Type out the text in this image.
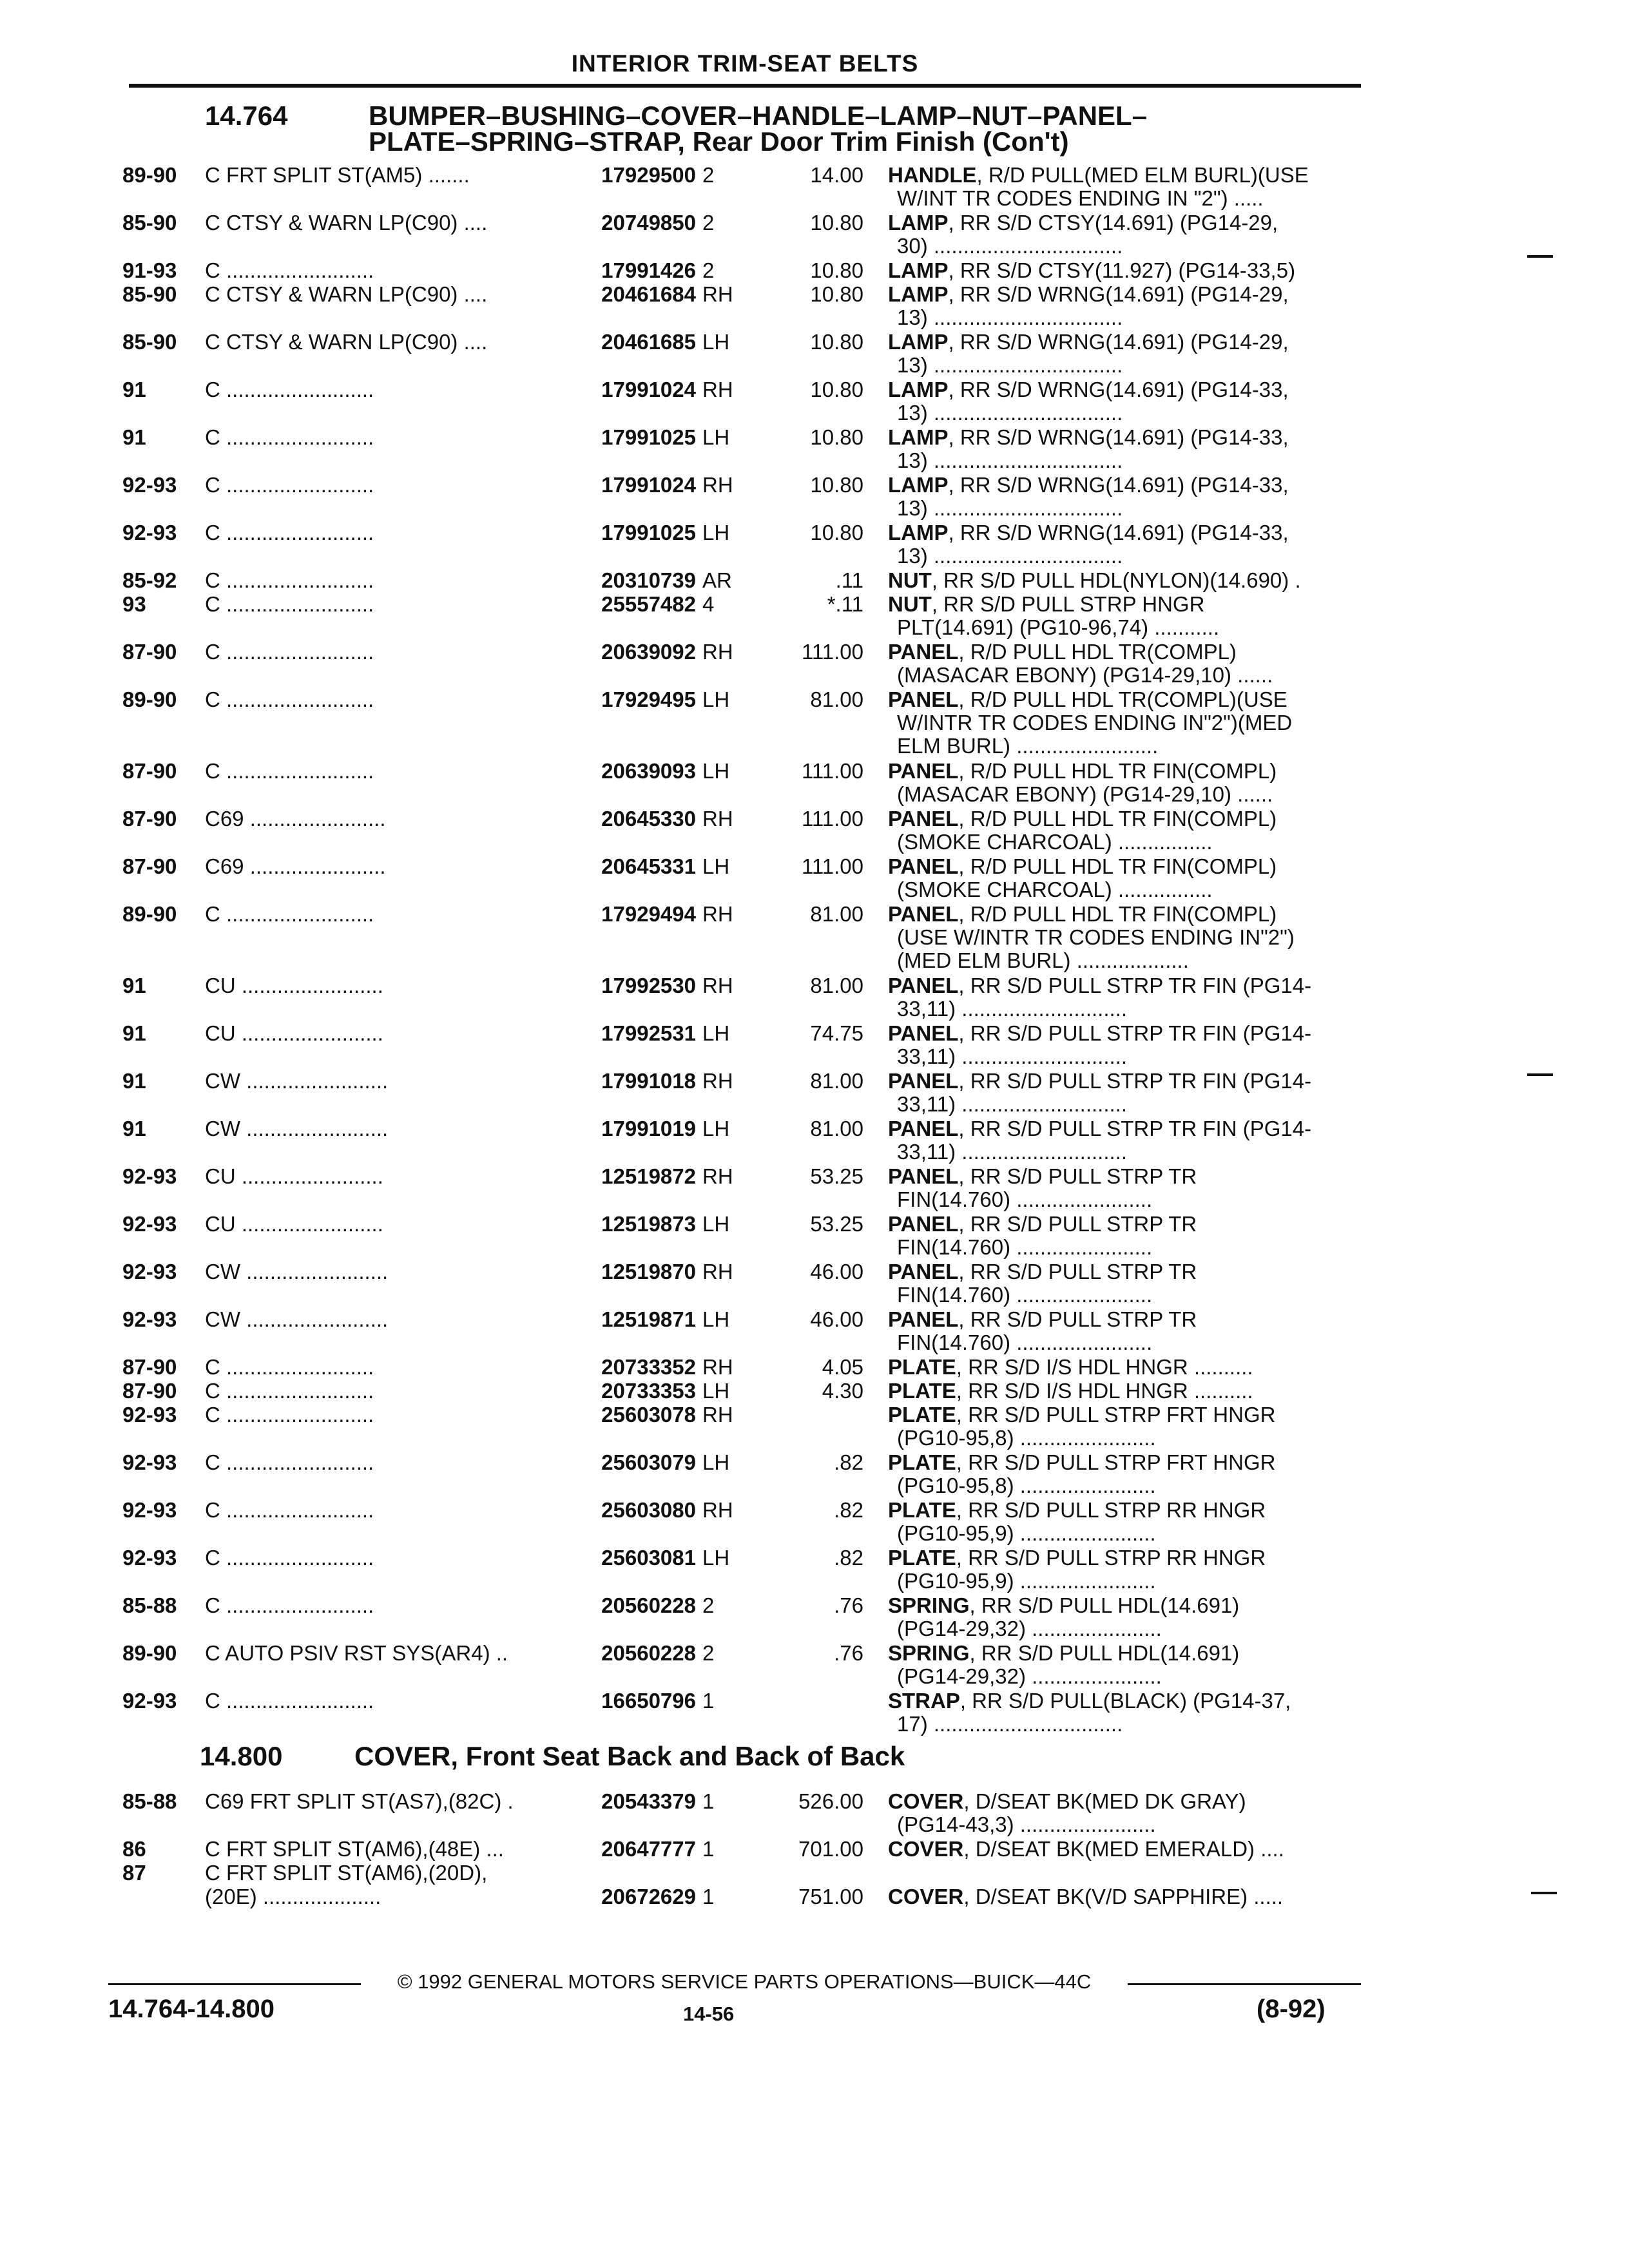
INTERIOR TRIM-SEAT BELTS
14.764	BUMPER–BUSHING–COVER–HANDLE–LAMP–NUT–PANEL–
PLATE–SPRING–STRAP, Rear Door Trim Finish (Con't)
14.800	COVER, Front Seat Back and Back of Back
89-90 C FRT SPLIT ST(AM5) .......	17929500 2	14.00 HANDLE, R/D PULL(MED ELM BURL)(USE
W/INT TR CODES ENDING IN "2") .....
85-90 C CTSY & WARN LP(C90) ....	20749850 2	10.80 LAMP, RR S/D CTSY(14.691) (PG14-29,
30) ................................
91-93 C .........................	17991426 2	10.80 LAMP, RR S/D CTSY(11.927) (PG14-33,5)
85-90 C CTSY & WARN LP(C90) ....	20461684 RH	10.80 LAMP, RR S/D WRNG(14.691) (PG14-29,
13) ................................
85-90 C CTSY & WARN LP(C90) ....	20461685 LH	10.80 LAMP, RR S/D WRNG(14.691) (PG14-29,
13) ................................
91	C .........................	17991024 RH	10.80 LAMP, RR S/D WRNG(14.691) (PG14-33,
13) ................................
91	C .........................	17991025 LH	10.80 LAMP, RR S/D WRNG(14.691) (PG14-33,
13) ................................
92-93 C .........................	17991024 RH	10.80 LAMP, RR S/D WRNG(14.691) (PG14-33,
13) ................................
92-93 C .........................	17991025 LH	10.80 LAMP, RR S/D WRNG(14.691) (PG14-33,
13) ................................
85-92 C .........................	20310739 AR	.11 NUT, RR S/D PULL HDL(NYLON)(14.690) .
93	C .........................	25557482 4	*.11 NUT, RR S/D PULL STRP HNGR
PLT(14.691) (PG10-96,74) ...........
87-90 C .........................	20639092 RH	111.00 PANEL, R/D PULL HDL TR(COMPL)
(MASACAR EBONY) (PG14-29,10) ......
89-90 C .........................	17929495 LH	81.00 PANEL, R/D PULL HDL TR(COMPL)(USE
W/INTR TR CODES ENDING IN"2")(MED
ELM BURL) ........................
87-90 C .........................	20639093 LH	111.00 PANEL, R/D PULL HDL TR FIN(COMPL)
(MASACAR EBONY) (PG14-29,10) ......
87-90 C69 .......................	20645330 RH	111.00 PANEL, R/D PULL HDL TR FIN(COMPL)
(SMOKE CHARCOAL) ................
87-90 C69 .......................	20645331 LH	111.00 PANEL, R/D PULL HDL TR FIN(COMPL)
(SMOKE CHARCOAL) ................
89-90 C .........................	17929494 RH	81.00 PANEL, R/D PULL HDL TR FIN(COMPL)
(USE W/INTR TR CODES ENDING IN"2")
(MED ELM BURL) ...................
91	CU ........................	17992530 RH	81.00 PANEL, RR S/D PULL STRP TR FIN (PG14-
33,11) ............................
91	CU ........................	17992531 LH	74.75 PANEL, RR S/D PULL STRP TR FIN (PG14-
33,11) ............................
91	CW ........................	17991018 RH	81.00 PANEL, RR S/D PULL STRP TR FIN (PG14-
33,11) ............................
91	CW ........................	17991019 LH	81.00 PANEL, RR S/D PULL STRP TR FIN (PG14-
33,11) ............................
92-93 CU ........................	12519872 RH	53.25 PANEL, RR S/D PULL STRP TR
FIN(14.760) .......................
92-93 CU ........................	12519873 LH	53.25 PANEL, RR S/D PULL STRP TR
FIN(14.760) .......................
92-93 CW ........................	12519870 RH	46.00 PANEL, RR S/D PULL STRP TR
FIN(14.760) .......................
92-93 CW ........................	12519871 LH	46.00 PANEL, RR S/D PULL STRP TR
FIN(14.760) .......................
87-90 C .........................	20733352 RH	4.05 PLATE, RR S/D I/S HDL HNGR ..........
87-90 C .........................	20733353 LH	4.30 PLATE, RR S/D I/S HDL HNGR ..........
92-93 C .........................	25603078 RH	PLATE, RR S/D PULL STRP FRT HNGR
(PG10-95,8) .......................
92-93 C .........................	25603079 LH	.82 PLATE, RR S/D PULL STRP FRT HNGR
(PG10-95,8) .......................
92-93 C .........................	25603080 RH	.82 PLATE, RR S/D PULL STRP RR HNGR
(PG10-95,9) .......................
92-93 C .........................	25603081 LH	.82 PLATE, RR S/D PULL STRP RR HNGR
(PG10-95,9) .......................
85-88 C .........................	20560228 2	.76 SPRING, RR S/D PULL HDL(14.691)
(PG14-29,32) ......................
89-90 C AUTO PSIV RST SYS(AR4) ..	20560228 2	.76 SPRING, RR S/D PULL HDL(14.691)
(PG14-29,32) ......................
92-93 C .........................	16650796 1	STRAP, RR S/D PULL(BLACK) (PG14-37,
17) ................................
85-88 C69 FRT SPLIT ST(AS7),(82C) .	20543379 1	526.00 COVER, D/SEAT BK(MED DK GRAY)
(PG14-43,3) .......................
86	C FRT SPLIT ST(AM6),(48E) ...	20647777 1	701.00 COVER, D/SEAT BK(MED EMERALD) ....
87	C FRT SPLIT ST(AM6),(20D),
(20E) ....................	20672629 1	751.00 COVER, D/SEAT BK(V/D SAPPHIRE) .....
© 1992 GENERAL MOTORS SERVICE PARTS OPERATIONS—BUICK—44C
14.764-14.800	14-56	(8-92)
